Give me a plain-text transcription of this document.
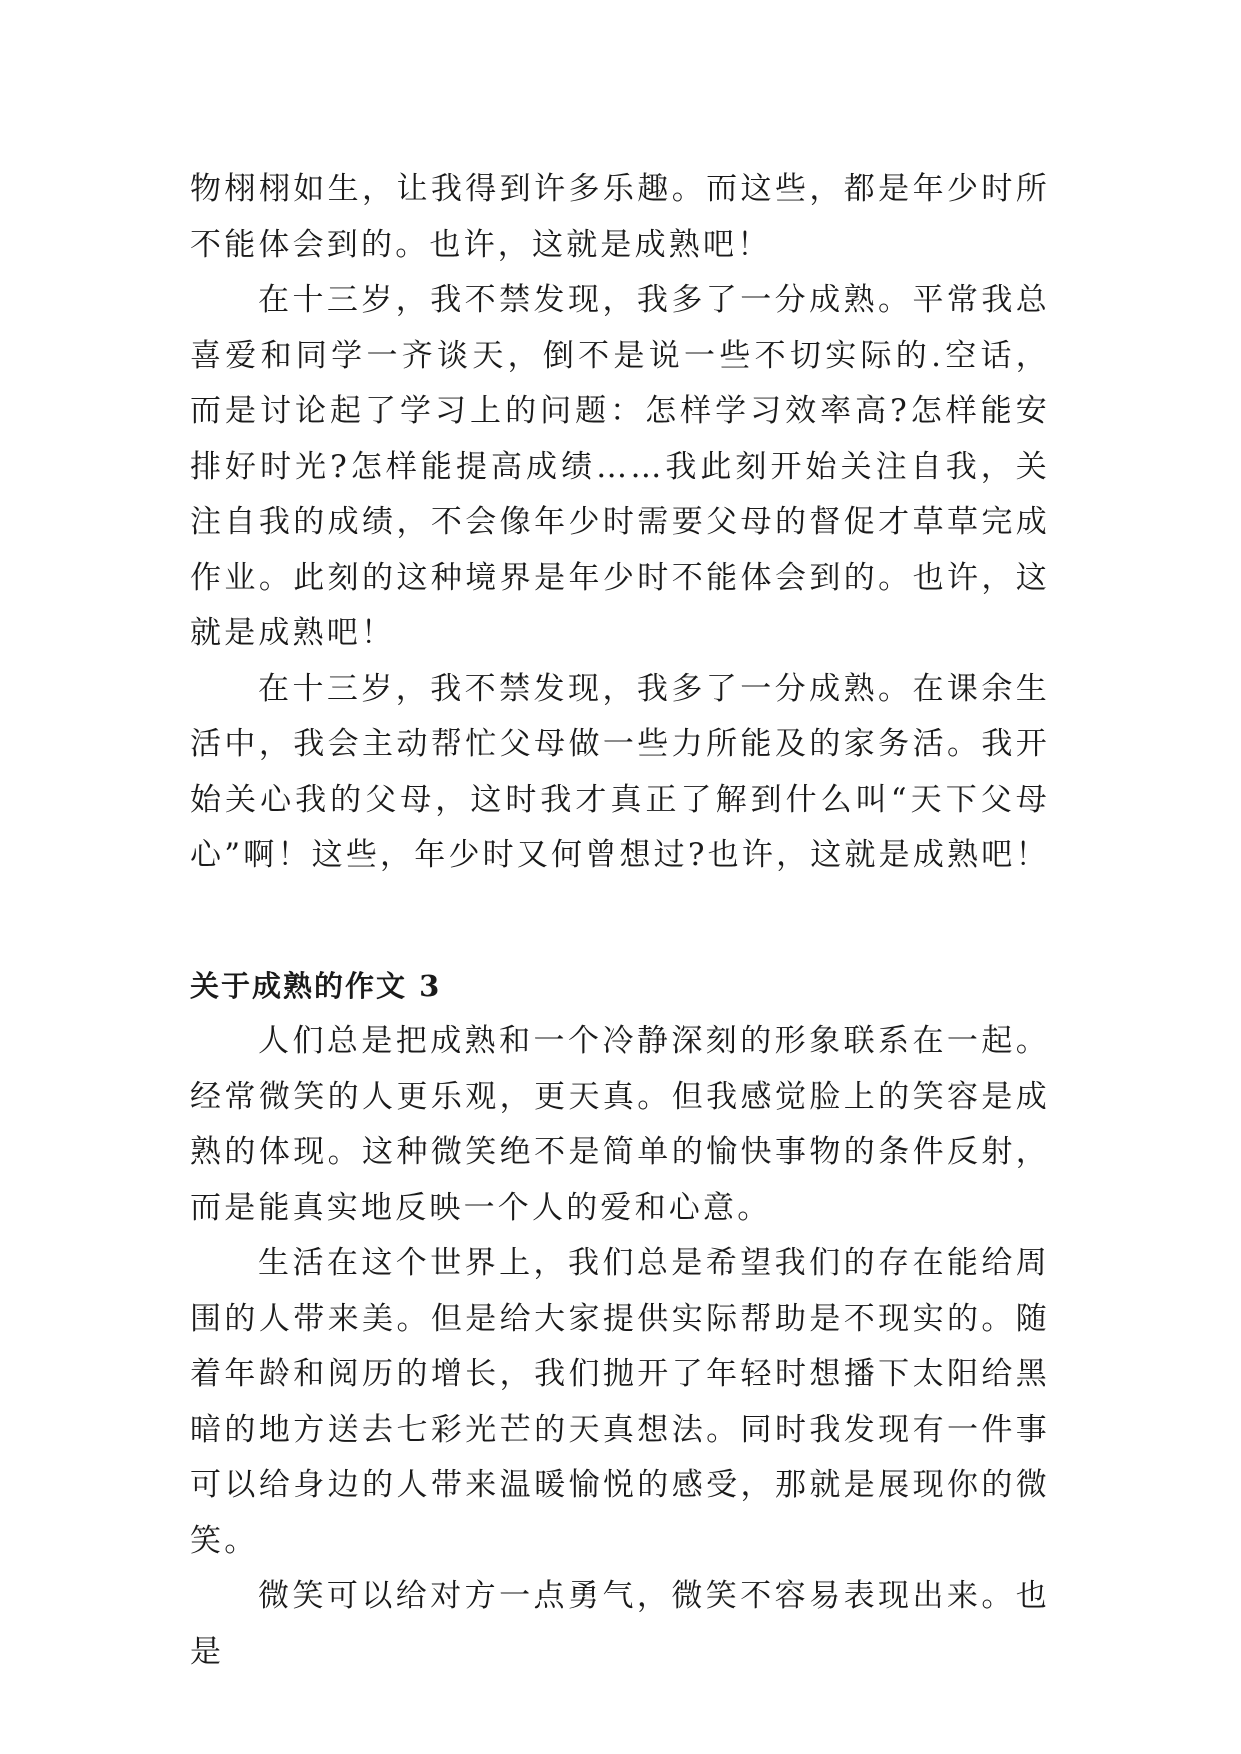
物栩栩如生，让我得到许多乐趣。而这些，都是年少时所不能体会到的。也许，这就是成熟吧！

在十三岁，我不禁发现，我多了一分成熟。平常我总喜爱和同学一齐谈天，倒不是说一些不切实际的.空话，而是讨论起了学习上的问题：怎样学习效率高?怎样能安排好时光?怎样能提高成绩……我此刻开始关注自我，关注自我的成绩，不会像年少时需要父母的督促才草草完成作业。此刻的这种境界是年少时不能体会到的。也许，这就是成熟吧！

在十三岁，我不禁发现，我多了一分成熟。在课余生活中，我会主动帮忙父母做一些力所能及的家务活。我开始关心我的父母，这时我才真正了解到什么叫“天下父母心”啊！这些，年少时又何曾想过?也许，这就是成熟吧！

关于成熟的作文 3

人们总是把成熟和一个冷静深刻的形象联系在一起。经常微笑的人更乐观，更天真。但我感觉脸上的笑容是成熟的体现。这种微笑绝不是简单的愉快事物的条件反射，而是能真实地反映一个人的爱和心意。

生活在这个世界上，我们总是希望我们的存在能给周围的人带来美。但是给大家提供实际帮助是不现实的。随着年龄和阅历的增长，我们抛开了年轻时想播下太阳给黑暗的地方送去七彩光芒的天真想法。同时我发现有一件事可以给身边的人带来温暖愉悦的感受，那就是展现你的微笑。

微笑可以给对方一点勇气，微笑不容易表现出来。也是
